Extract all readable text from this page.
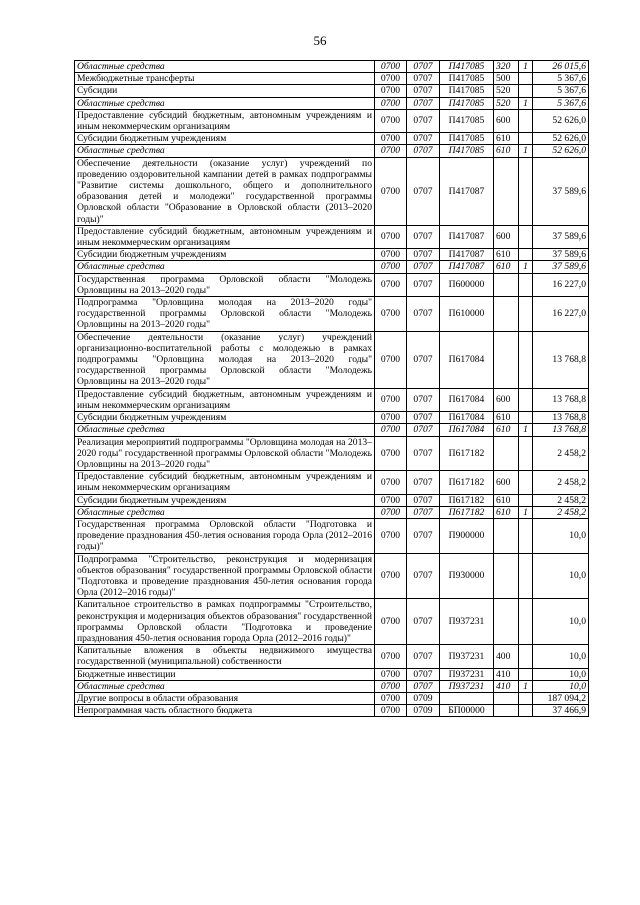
56
Областные средства	0700	0707	П417085	320	1	26 015,6
Межбюджетные трансферты	0700	0707	П417085	500		5 367,6
Субсидии	0700	0707	П417085	520		5 367,6
Областные средства	0700	0707	П417085	520	1	5 367,6
Предоставление субсидий бюджетным, автономным учреждениям и иным некоммерческим организациям	0700	0707	П417085	600		52 626,0
Субсидии бюджетным учреждениям	0700	0707	П417085	610		52 626,0
Областные средства	0700	0707	П417085	610	1	52 626,0
Обеспечение деятельности (оказание услуг) учреждений по проведению оздоровительной кампании детей в рамках подпрограммы "Развитие системы дошкольного, общего и дополнительного образования детей и молодежи" государственной программы Орловской области "Образование в Орловской области (2013–2020 годы)"	0700	0707	П417087			37 589,6
Предоставление субсидий бюджетным, автономным учреждениям и иным некоммерческим организациям	0700	0707	П417087	600		37 589,6
Субсидии бюджетным учреждениям	0700	0707	П417087	610		37 589,6
Областные средства	0700	0707	П417087	610	1	37 589,6
Государственная программа Орловской области "Молодежь Орловщины на 2013–2020 годы"	0700	0707	П600000			16 227,0
Подпрограмма "Орловщина молодая на 2013–2020 годы" государственной программы Орловской области "Молодежь Орловщины на 2013–2020 годы"	0700	0707	П610000			16 227,0
Обеспечение деятельности (оказание услуг) учреждений организационно-воспитательной работы с молодежью в рамках подпрограммы "Орловщина молодая на 2013–2020 годы" государственной программы Орловской области "Молодежь Орловщины на 2013–2020 годы"	0700	0707	П617084			13 768,8
Предоставление субсидий бюджетным, автономным учреждениям и иным некоммерческим организациям	0700	0707	П617084	600		13 768,8
Субсидии бюджетным учреждениям	0700	0707	П617084	610		13 768,8
Областные средства	0700	0707	П617084	610	1	13 768,8
Реализация мероприятий подпрограммы "Орловщина молодая на 2013–2020 годы" государственной программы Орловской области "Молодежь Орловщины на 2013–2020 годы"	0700	0707	П617182			2 458,2
Предоставление субсидий бюджетным, автономным учреждениям и иным некоммерческим организациям	0700	0707	П617182	600		2 458,2
Субсидии бюджетным учреждениям	0700	0707	П617182	610		2 458,2
Областные средства	0700	0707	П617182	610	1	2 458,2
Государственная программа Орловской области "Подготовка и проведение празднования 450-летия основания города Орла (2012–2016 годы)"	0700	0707	П900000			10,0
Подпрограмма "Строительство, реконструкция и модернизация объектов образования" государственной программы Орловской области "Подготовка и проведение празднования 450-летия основания города Орла (2012–2016 годы)"	0700	0707	П930000			10,0
Капитальное строительство в рамках подпрограммы "Строительство, реконструкция и модернизация объектов образования" государственной программы Орловской области "Подготовка и проведение празднования 450-летия основания города Орла (2012–2016 годы)"	0700	0707	П937231			10,0
Капитальные вложения в объекты недвижимого имущества государственной (муниципальной) собственности	0700	0707	П937231	400		10,0
Бюджетные инвестиции	0700	0707	П937231	410		10,0
Областные средства	0700	0707	П937231	410	1	10,0
Другие вопросы в области образования	0700	0709				187 094,2
Непрограммная часть областного бюджета	0700	0709	БП00000			37 466,9
